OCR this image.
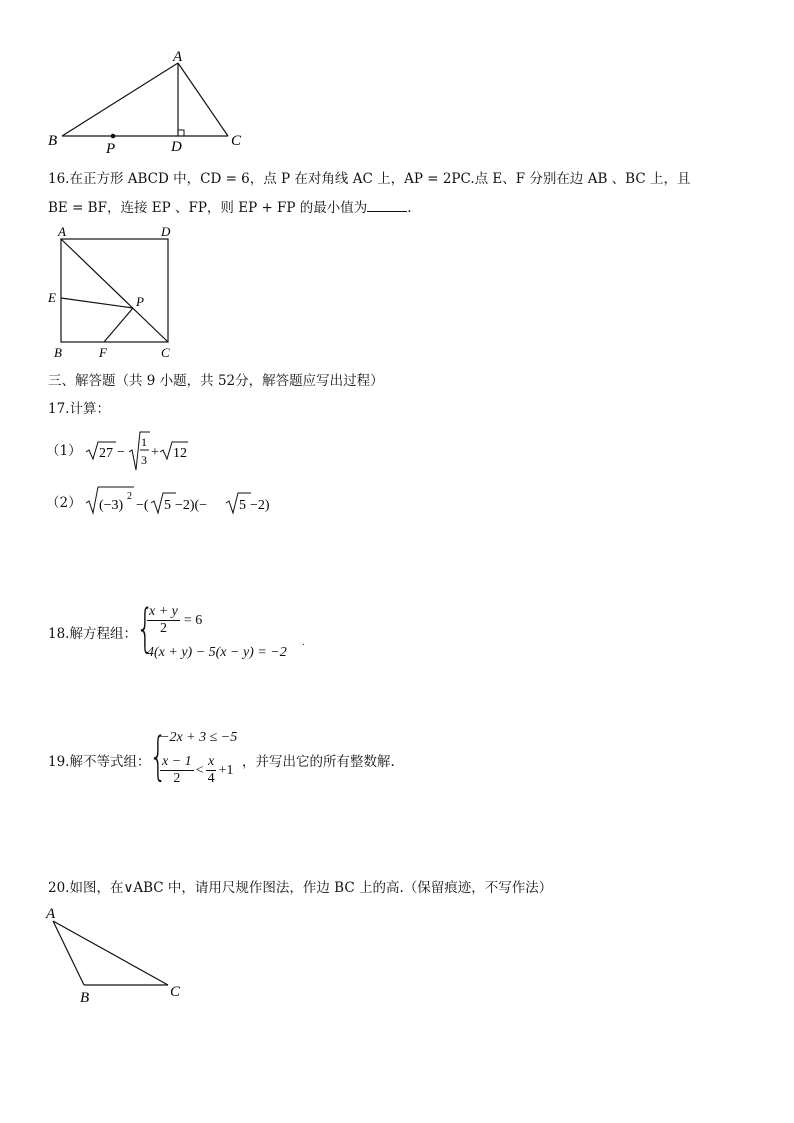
A
B	C
D
P
16.在正方形 ABCD 中，CD = 6，点 P 在对角线 AC 上，AP = 2PC.点 E、F 分别在边 AB 、BC 上，且
BE = BF，连接 EP 、FP，则 EP + FP 的最小值为	.
A	D
E	P
B	F	C
三、解答题（共 9 小题，共 52分，解答题应写出过程）
17.计算：
（1） 27 −
1
3 + 12
（2） (−3)
2
−( 5 −2)(− 5 −2)
18.解方程组： {
$\frac{x + y}{2} = 6$
4(x + y) − 5(x − y) = −2
.
19.解不等式组：
{
−2x + 3 ≤ −5
$\frac{x - 1}{2} < \frac{x}{4} +1$ ，并写出它的所有整数解.
20.如图，在∨ABC 中，请用尺规作图法，作边 BC 上的高.（保留痕迹，不写作法）
A
B	C
